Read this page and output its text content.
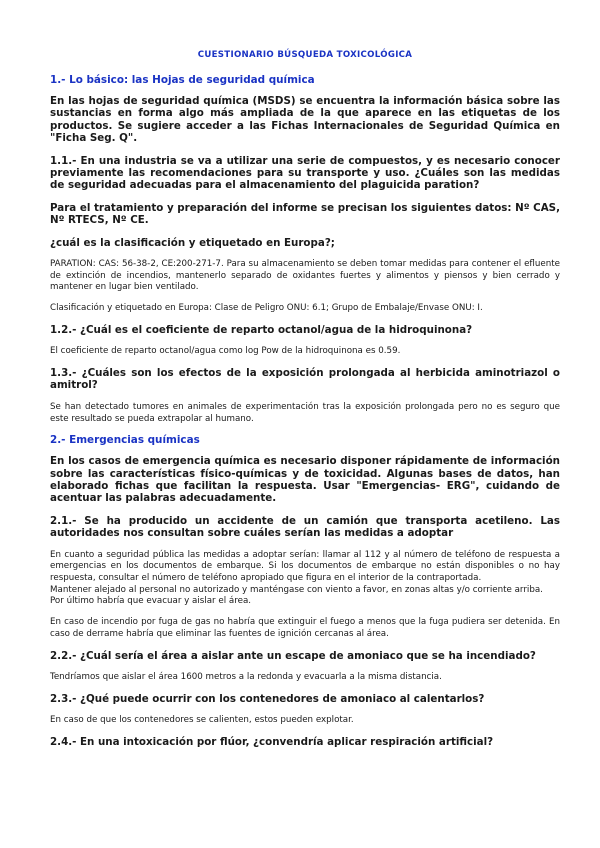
CUESTIONARIO BÚSQUEDA TOXICOLÓGICA
1.- Lo básico: las Hojas de seguridad química

En las hojas de seguridad química (MSDS) se encuentra la información básica sobre las sustancias en forma algo más ampliada de la que aparece en las etiquetas de los productos. Se sugiere acceder a las Fichas Internacionales de Seguridad Química en "Ficha Seg. Q".

1.1.- En una industria se va a utilizar una serie de compuestos, y es necesario conocer previamente las recomendaciones para su transporte y uso. ¿Cuáles son las medidas de seguridad adecuadas para el almacenamiento del plaguicida paration?

Para el tratamiento y preparación del informe se precisan los siguientes datos: Nº CAS, Nº RTECS, Nº CE.

¿cuál es la clasificación y etiquetado en Europa?;

PARATION: CAS: 56-38-2, CE:200-271-7. Para su almacenamiento se deben tomar medidas para contener el efluente de extinción de incendios, mantenerlo separado de oxidantes fuertes y alimentos y piensos y bien cerrado y mantener en lugar bien ventilado.

Clasificación y etiquetado en Europa: Clase de Peligro ONU: 6.1; Grupo de Embalaje/Envase ONU: I.

1.2.- ¿Cuál es el coeficiente de reparto octanol/agua de la hidroquinona?

El coeficiente de reparto octanol/agua como log Pow de la hidroquinona es 0.59.

1.3.- ¿Cuáles son los efectos de la exposición prolongada al herbicida aminotriazol o amitrol?

Se han detectado tumores en animales de experimentación tras la exposición prolongada pero no es seguro que este resultado se pueda extrapolar al humano.

2.- Emergencias químicas

En los casos de emergencia química es necesario disponer rápidamente de información sobre las características físico-químicas y de toxicidad. Algunas bases de datos, han elaborado fichas que facilitan la respuesta. Usar "Emergencias- ERG", cuidando de acentuar las palabras adecuadamente.

2.1.- Se ha producido un accidente de un camión que transporta acetileno. Las autoridades nos consultan sobre cuáles serían las medidas a adoptar

En cuanto a seguridad pública las medidas a adoptar serían: llamar al 112 y al número de teléfono de respuesta a emergencias en los documentos de embarque. Si los documentos de embarque no están disponibles o no hay respuesta, consultar el número de teléfono apropiado que figura en el interior de la contraportada.

Mantener alejado al personal no autorizado y manténgase con viento a favor, en zonas altas y/o corriente arriba.

Por último habría que evacuar y aislar el área.

En caso de incendio por fuga de gas no habría que extinguir el fuego a menos que la fuga pudiera ser detenida. En caso de derrame habría que eliminar las fuentes de ignición cercanas al área.

2.2.- ¿Cuál sería el área a aislar ante un escape de amoniaco que se ha incendiado?

Tendríamos que aislar el área 1600 metros a la redonda y evacuarla a la misma distancia.

2.3.- ¿Qué puede ocurrir con los contenedores de amoniaco al calentarlos?

En caso de que los contenedores se calienten, estos pueden explotar.

2.4.- En una intoxicación por flúor, ¿convendría aplicar respiración artificial?
